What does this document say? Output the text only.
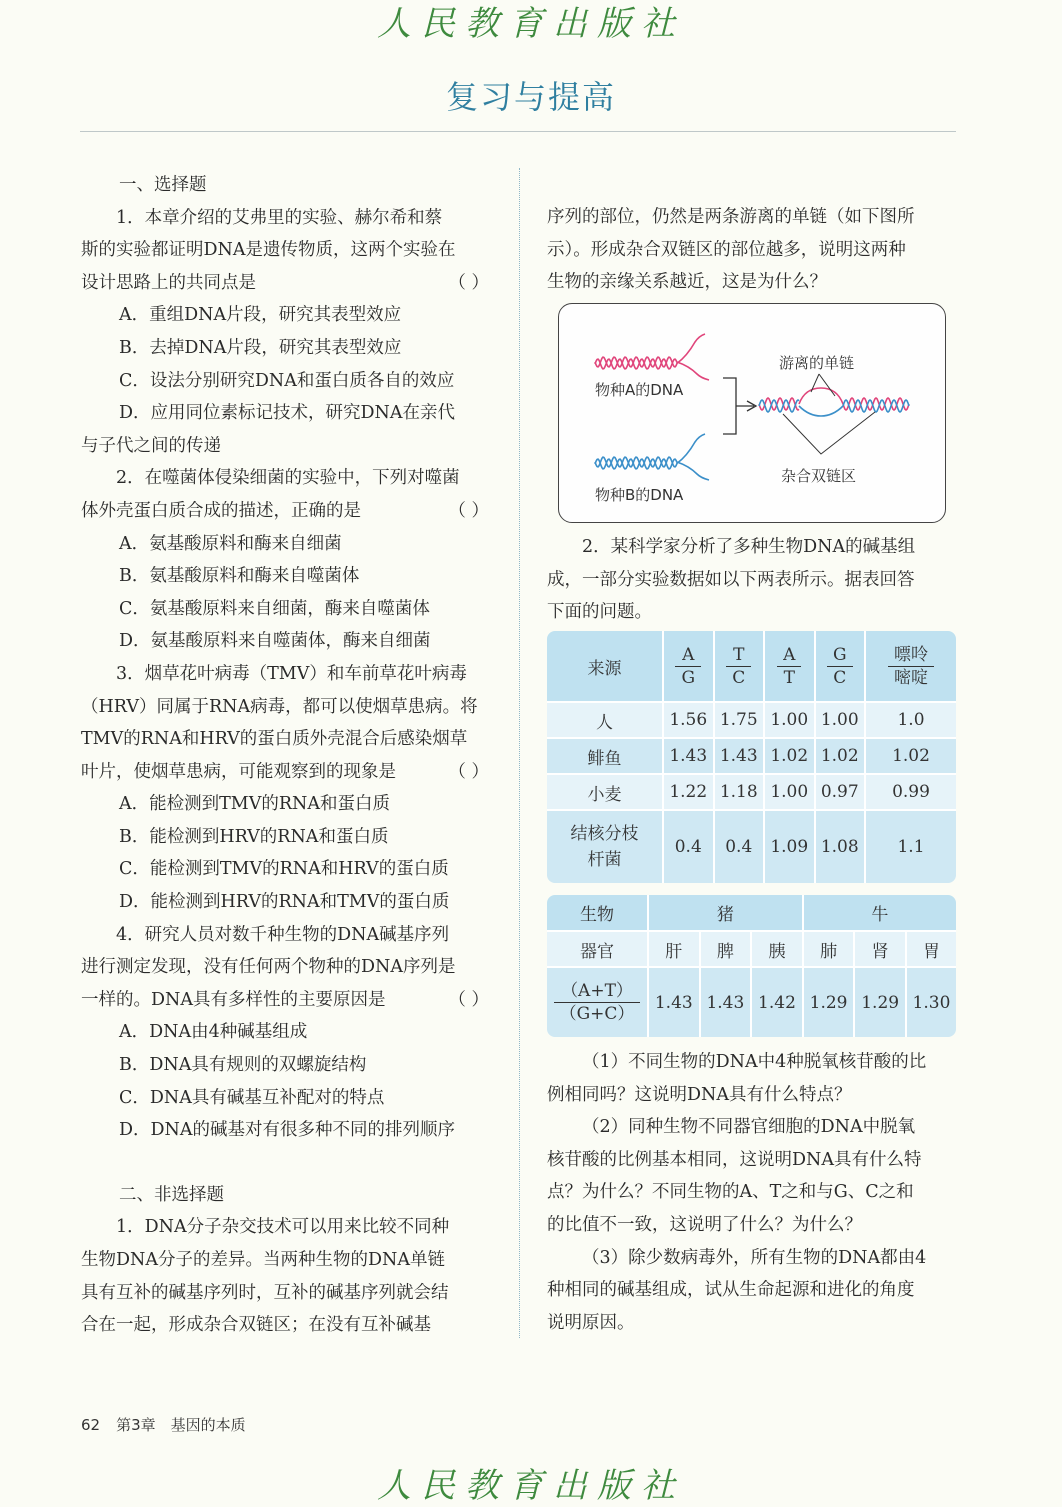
人民教育出版社
复习与提高

一、选择题

1．本章介绍的艾弗里的实验、赫尔希和蔡

斯的实验都证明DNA是遗传物质，这两个实验在

设计思路上的共同点是	（ ）

A．重组DNA片段，研究其表型效应

B．去掉DNA片段，研究其表型效应

C．设法分别研究DNA和蛋白质各自的效应

D．应用同位素标记技术，研究DNA在亲代

与子代之间的传递

2．在噬菌体侵染细菌的实验中，下列对噬菌

体外壳蛋白质合成的描述，正确的是	（ ）

A．氨基酸原料和酶来自细菌

B．氨基酸原料和酶来自噬菌体

C．氨基酸原料来自细菌，酶来自噬菌体

D．氨基酸原料来自噬菌体，酶来自细菌

3．烟草花叶病毒（TMV）和车前草花叶病毒

（HRV）同属于RNA病毒，都可以使烟草患病。将

TMV的RNA和HRV的蛋白质外壳混合后感染烟草

叶片，使烟草患病，可能观察到的现象是	（ ）

A．能检测到TMV的RNA和蛋白质

B．能检测到HRV的RNA和蛋白质

C．能检测到TMV的RNA和HRV的蛋白质

D．能检测到HRV的RNA和TMV的蛋白质

4．研究人员对数千种生物的DNA碱基序列

进行测定发现，没有任何两个物种的DNA序列是

一样的。DNA具有多样性的主要原因是	（ ）

A．DNA由4种碱基组成

B．DNA具有规则的双螺旋结构

C．DNA具有碱基互补配对的特点

D．DNA的碱基对有很多种不同的排列顺序

二、非选择题

1．DNA分子杂交技术可以用来比较不同种

生物DNA分子的差异。当两种生物的DNA单链

具有互补的碱基序列时，互补的碱基序列就会结

合在一起，形成杂合双链区；在没有互补碱基

序列的部位，仍然是两条游离的单链（如下图所

示）。形成杂合双链区的部位越多，说明这两种

生物的亲缘关系越近，这是为什么？

物种A的DNA
物种B的DNA
游离的单链
杂合双链区

2．某科学家分析了多种生物DNA的碱基组

成，一部分实验数据如以下两表所示。据表回答

下面的问题。

来源	$\frac{A}{G}$	$\frac{T}{C}$	$\frac{A}{T}$	$\frac{G}{C}$	$\frac{\text{嘌呤}}{\text{嘧啶}}$

人	1.56	1.75	1.00	1.00	1.0
鲱鱼	1.43	1.43	1.02	1.02	1.02
小麦	1.22	1.18	1.00	0.97	0.99

结核分枝
杆菌	0.4	0.4	1.09	1.08	1.1
生物	猪			牛		
器官	肝	脾	胰	肺	肾	胃

$\frac{(A+T)}{(G+C)}$	1.43	1.43	1.42	1.29	1.29	1.30

（1）不同生物的DNA中4种脱氧核苷酸的比

例相同吗？这说明DNA具有什么特点？

（2）同种生物不同器官细胞的DNA中脱氧

核苷酸的比例基本相同，这说明DNA具有什么特

点？为什么？不同生物的A、T之和与G、C之和

的比值不一致，这说明了什么？为什么？

（3）除少数病毒外，所有生物的DNA都由4

种相同的碱基组成，试从生命起源和进化的角度

说明原因。

62 第3章　基因的本质
人民教育出版社
